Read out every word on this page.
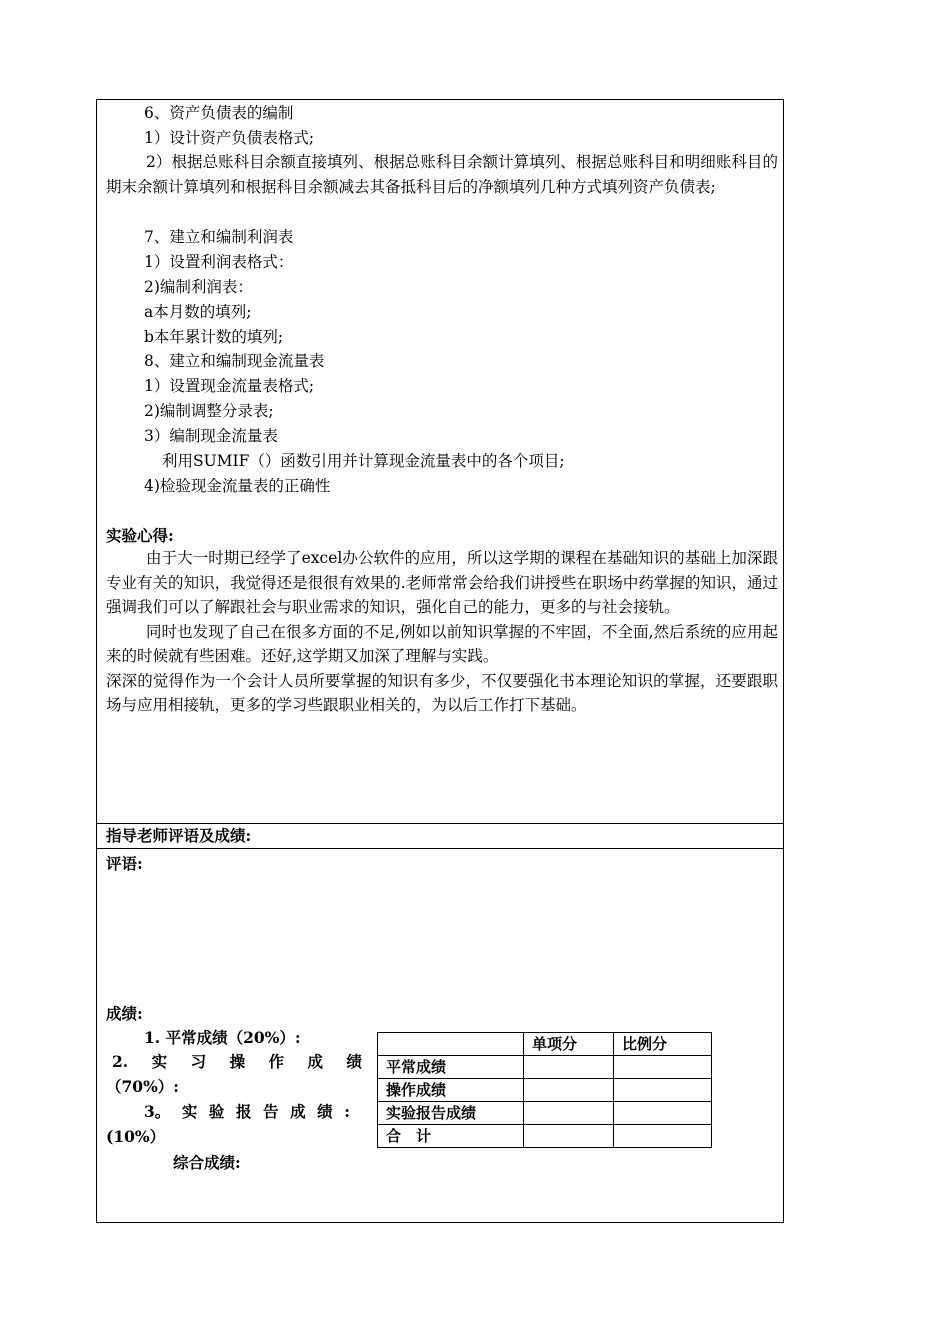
6、资产负债表的编制
1）设计资产负债表格式;

2）根据总账科目余额直接填列、根据总账科目余额计算填列、根据总账科目和明细账科目的期末余额计算填列和根据科目余额减去其备抵科目后的净额填列几种方式填列资产负债表;

7、建立和编制利润表
1）设置利润表格式：
2)编制利润表：
a本月数的填列;
b本年累计数的填列;
8、建立和编制现金流量表
1）设置现金流量表格式;
2)编制调整分录表;
3）编制现金流量表
利用SUMIF（）函数引用并计算现金流量表中的各个项目;
4)检验现金流量表的正确性
实验心得:

由于大一时期已经学了excel办公软件的应用，所以这学期的课程在基础知识的基础上加深跟专业有关的知识，我觉得还是很很有效果的.老师常常会给我们讲授些在职场中药掌握的知识，通过强调我们可以了解跟社会与职业需求的知识，强化自己的能力，更多的与社会接轨。

同时也发现了自己在很多方面的不足,例如以前知识掌握的不牢固，不全面,然后系统的应用起来的时候就有些困难。还好,这学期又加深了理解与实践。

深深的觉得作为一个会计人员所要掌握的知识有多少，不仅要强化书本理论知识的掌握，还要跟职场与应用相接轨，更多的学习些跟职业相关的，为以后工作打下基础。

指导老师评语及成绩:
评语:
成绩:
1. 平常成绩（20%）:
2. 实 习 操 作 成 绩
（70%）:
3。 实 验 报 告 成 绩 :
(10%）
综合成绩:
	单项分	比例分
平常成绩		
操作成绩		
实验报告成绩		
合　计		
